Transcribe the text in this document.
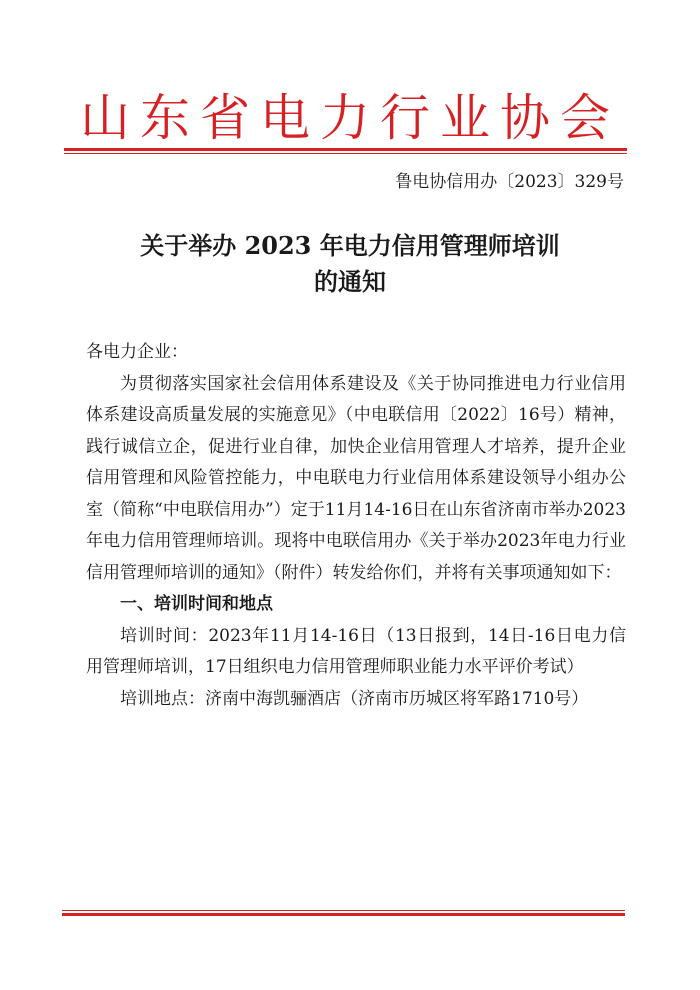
山东省电力行业协会
鲁电协信用办〔2023〕329号
关于举办 2023 年电力信用管理师培训
的通知

各电力企业：

为贯彻落实国家社会信用体系建设及《关于协同推进电力行业信用体系建设高质量发展的实施意见》（中电联信用〔2022〕16号）精神，践行诚信立企，促进行业自律，加快企业信用管理人才培养，提升企业信用管理和风险管控能力，中电联电力行业信用体系建设领导小组办公室（简称“中电联信用办”）定于11月14-16日在山东省济南市举办2023年电力信用管理师培训。现将中电联信用办《关于举办2023年电力行业信用管理师培训的通知》（附件）转发给你们，并将有关事项通知如下：

一、培训时间和地点

培训时间：2023年11月14-16日（13日报到，14日-16日电力信用管理师培训，17日组织电力信用管理师职业能力水平评价考试）

培训地点：济南中海凯骊酒店（济南市历城区将军路1710号）
